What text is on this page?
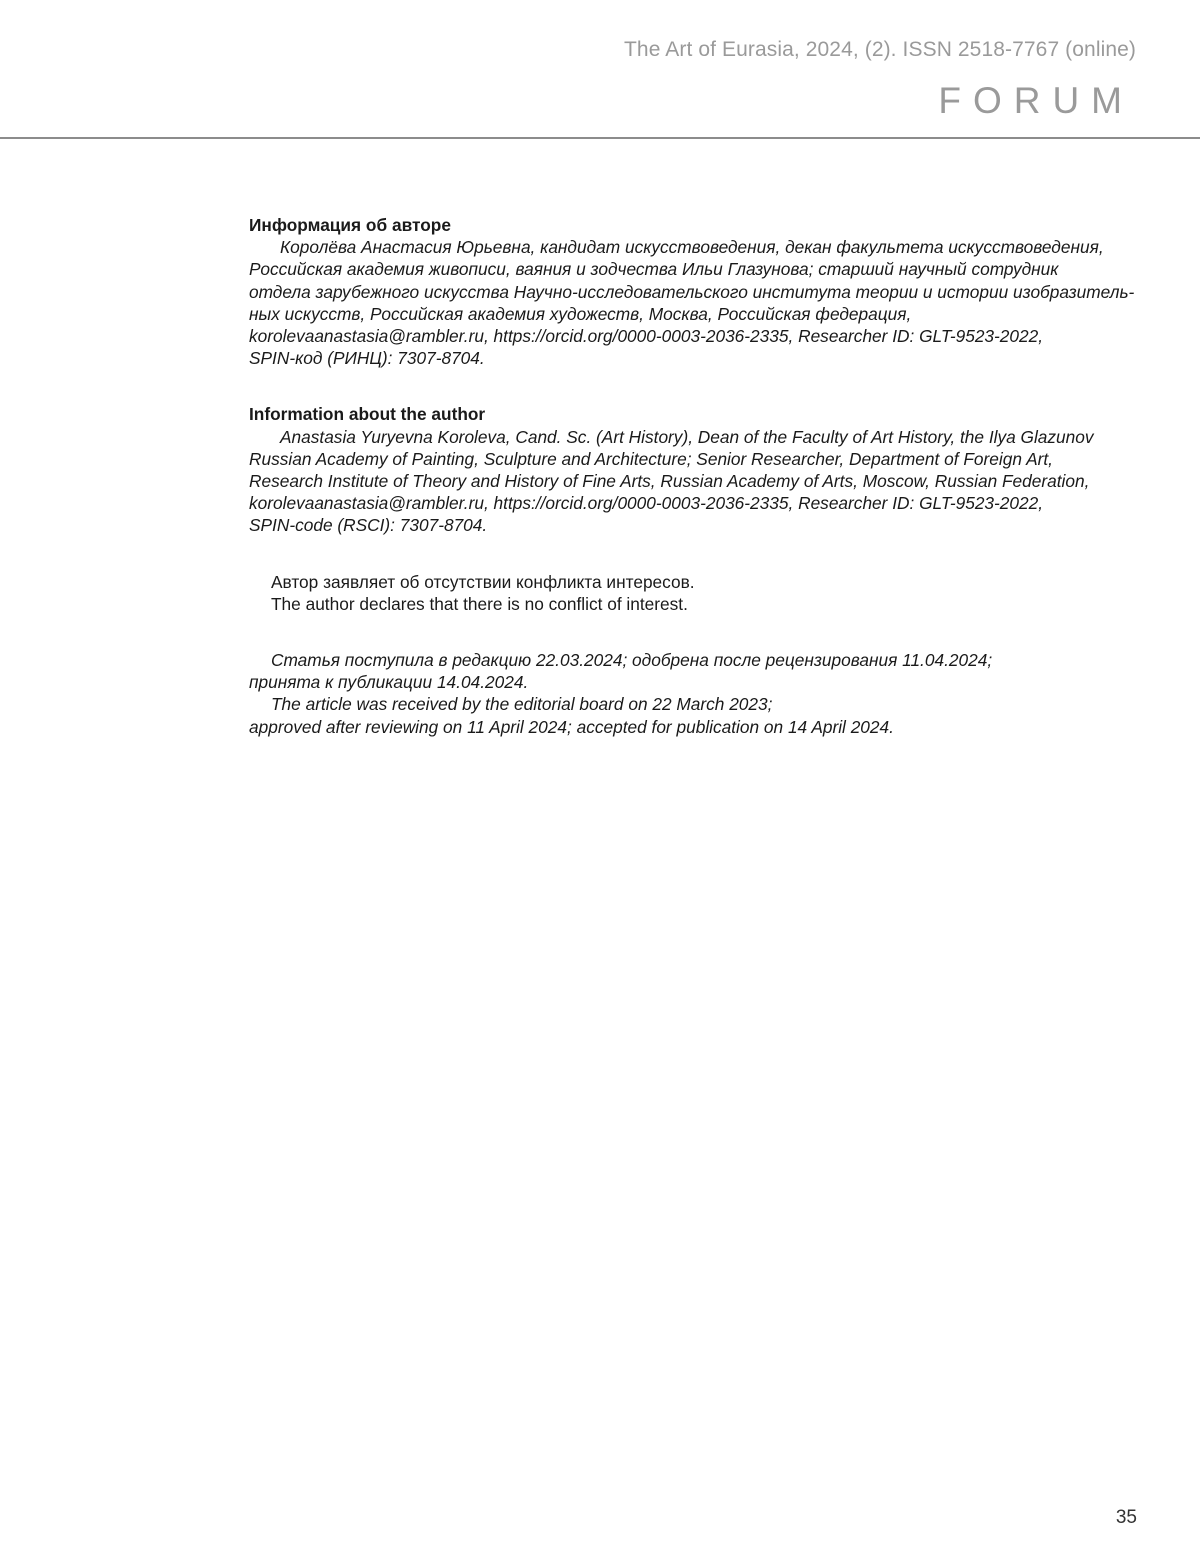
The Art of Eurasia, 2024, (2). ISSN 2518-7767 (online)

FORUM

Информация об авторе

Королёва Анастасия Юрьевна, кандидат искусствоведения, декан факультета искусствоведения,

Российская академия живописи, ваяния и зодчества Ильи Глазунова; старший научный сотрудник

отдела зарубежного искусства Научно-исследовательского института теории и истории изобразитель-

ных искусств, Российская академия художеств, Москва, Российская федерация,

korolevaanastasia@rambler.ru, https://orcid.org/0000-0003-2036-2335, Researcher ID: GLT-9523-2022,

SPIN-код (РИНЦ): 7307-8704.

Information about the author

Anastasia Yuryevna Koroleva, Cand. Sc. (Art History), Dean of the Faculty of Art History, the Ilya Glazunov

Russian Academy of Painting, Sculpture and Architecture; Senior Researcher, Department of Foreign Art,

Research Institute of Theory and History of Fine Arts, Russian Academy of Arts, Moscow, Russian Federation,

korolevaanastasia@rambler.ru, https://orcid.org/0000-0003-2036-2335, Researcher ID: GLT-9523-2022,

SPIN-code (RSCI): 7307-8704.

Автор заявляет об отсутствии конфликта интересов.

The author declares that there is no conflict of interest.

Статья поступила в редакцию 22.03.2024; одобрена после рецензирования 11.04.2024;

принята к публикации 14.04.2024.

The article was received by the editorial board on 22 March 2023;

approved after reviewing on 11 April 2024; accepted for publication on 14 April 2024.

35
